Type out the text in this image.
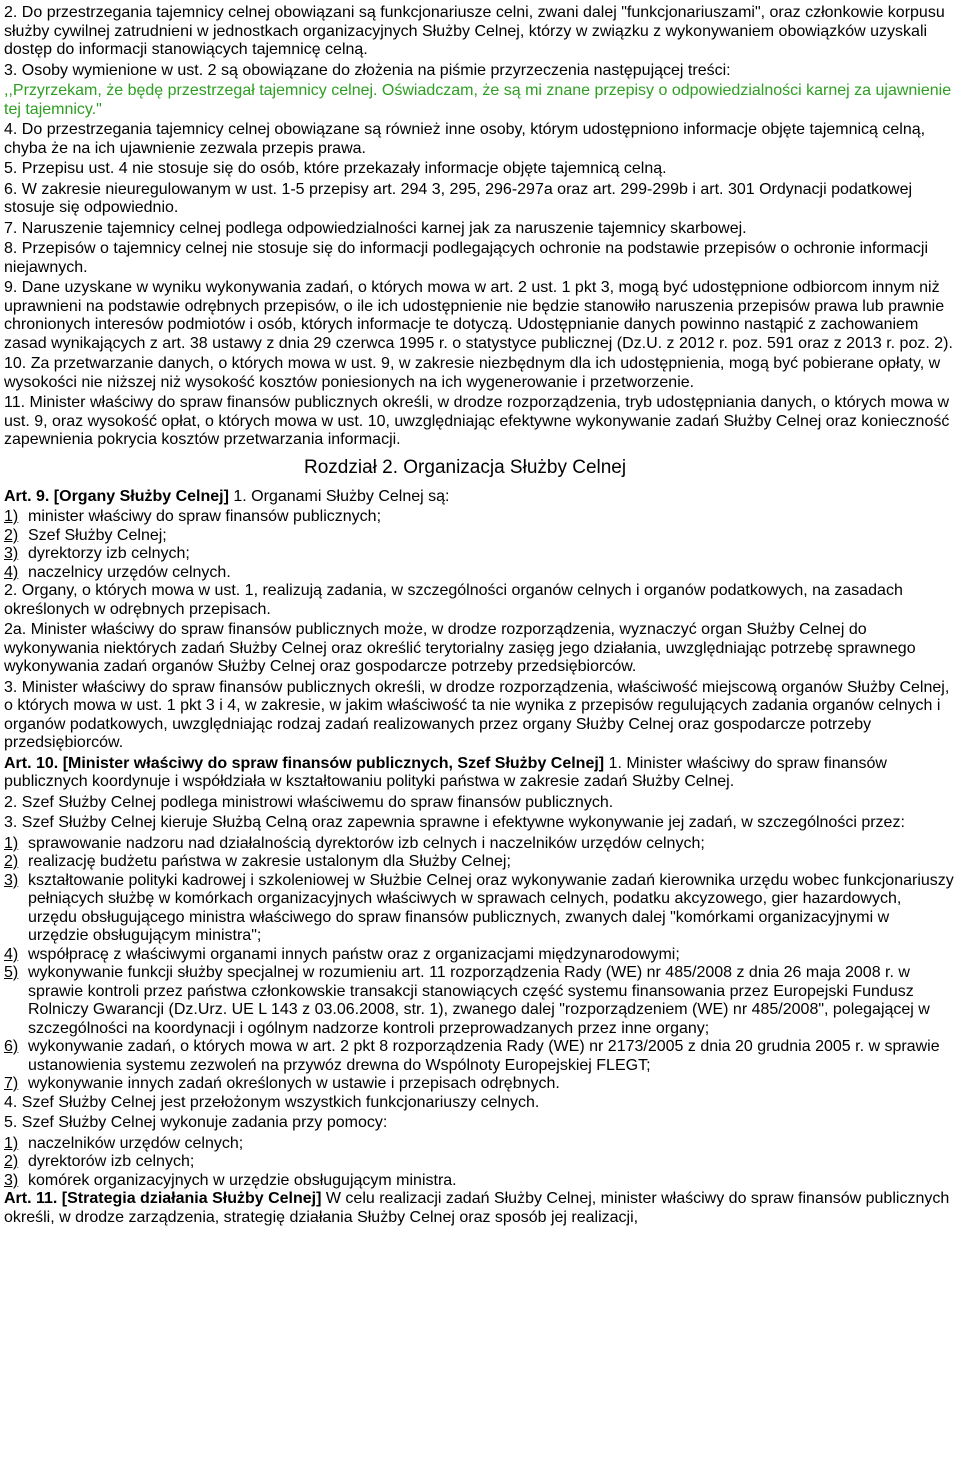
2. Do przestrzegania tajemnicy celnej obowiązani są funkcjonariusze celni, zwani dalej "funkcjonariuszami", oraz członkowie korpusu służby cywilnej zatrudnieni w jednostkach organizacyjnych Służby Celnej, którzy w związku z wykonywaniem obowiązków uzyskali dostęp do informacji stanowiących tajemnicę celną.

3. Osoby wymienione w ust. 2 są obowiązane do złożenia na piśmie przyrzeczenia następującej treści:

,,Przyrzekam, że będę przestrzegał tajemnicy celnej. Oświadczam, że są mi znane przepisy o odpowiedzialności karnej za ujawnienie tej tajemnicy."

4. Do przestrzegania tajemnicy celnej obowiązane są również inne osoby, którym udostępniono informacje objęte tajemnicą celną, chyba że na ich ujawnienie zezwala przepis prawa.

5. Przepisu ust. 4 nie stosuje się do osób, które przekazały informacje objęte tajemnicą celną.

6. W zakresie nieuregulowanym w ust. 1-5 przepisy art. 294 3, 295, 296-297a oraz art. 299-299b i art. 301 Ordynacji podatkowej stosuje się odpowiednio.

7. Naruszenie tajemnicy celnej podlega odpowiedzialności karnej jak za naruszenie tajemnicy skarbowej.

8. Przepisów o tajemnicy celnej nie stosuje się do informacji podlegających ochronie na podstawie przepisów o ochronie informacji niejawnych.

9. Dane uzyskane w wyniku wykonywania zadań, o których mowa w art. 2 ust. 1 pkt 3, mogą być udostępnione odbiorcom innym niż uprawnieni na podstawie odrębnych przepisów, o ile ich udostępnienie nie będzie stanowiło naruszenia przepisów prawa lub prawnie chronionych interesów podmiotów i osób, których informacje te dotyczą. Udostępnianie danych powinno nastąpić z zachowaniem zasad wynikających z art. 38 ustawy z dnia 29 czerwca 1995 r. o statystyce publicznej (Dz.U. z 2012 r. poz. 591 oraz z 2013 r. poz. 2).

10. Za przetwarzanie danych, o których mowa w ust. 9, w zakresie niezbędnym dla ich udostępnienia, mogą być pobierane opłaty, w wysokości nie niższej niż wysokość kosztów poniesionych na ich wygenerowanie i przetworzenie.

11. Minister właściwy do spraw finansów publicznych określi, w drodze rozporządzenia, tryb udostępniania danych, o których mowa w ust. 9, oraz wysokość opłat, o których mowa w ust. 10, uwzględniając efektywne wykonywanie zadań Służby Celnej oraz konieczność zapewnienia pokrycia kosztów przetwarzania informacji.

Rozdział 2. Organizacja Służby Celnej

Art. 9. [Organy Służby Celnej] 1. Organami Służby Celnej są:

1) minister właściwy do spraw finansów publicznych;
2) Szef Służby Celnej;
3) dyrektorzy izb celnych;
4) naczelnicy urzędów celnych.

2. Organy, o których mowa w ust. 1, realizują zadania, w szczególności organów celnych i organów podatkowych, na zasadach określonych w odrębnych przepisach.

2a. Minister właściwy do spraw finansów publicznych może, w drodze rozporządzenia, wyznaczyć organ Służby Celnej do wykonywania niektórych zadań Służby Celnej oraz określić terytorialny zasięg jego działania, uwzględniając potrzebę sprawnego wykonywania zadań organów Służby Celnej oraz gospodarcze potrzeby przedsiębiorców.

3. Minister właściwy do spraw finansów publicznych określi, w drodze rozporządzenia, właściwość miejscową organów Służby Celnej, o których mowa w ust. 1 pkt 3 i 4, w zakresie, w jakim właściwość ta nie wynika z przepisów regulujących zadania organów celnych i organów podatkowych, uwzględniając rodzaj zadań realizowanych przez organy Służby Celnej oraz gospodarcze potrzeby przedsiębiorców.

Art. 10. [Minister właściwy do spraw finansów publicznych, Szef Służby Celnej] 1. Minister właściwy do spraw finansów publicznych koordynuje i współdziała w kształtowaniu polityki państwa w zakresie zadań Służby Celnej.

2. Szef Służby Celnej podlega ministrowi właściwemu do spraw finansów publicznych.

3. Szef Służby Celnej kieruje Służbą Celną oraz zapewnia sprawne i efektywne wykonywanie jej zadań, w szczególności przez:

1) sprawowanie nadzoru nad działalnością dyrektorów izb celnych i naczelników urzędów celnych;
2) realizację budżetu państwa w zakresie ustalonym dla Służby Celnej;
3) kształtowanie polityki kadrowej i szkoleniowej w Służbie Celnej oraz wykonywanie zadań kierownika urzędu wobec funkcjonariuszy pełniących służbę w komórkach organizacyjnych właściwych w sprawach celnych, podatku akcyzowego, gier hazardowych, urzędu obsługującego ministra właściwego do spraw finansów publicznych, zwanych dalej "komórkami organizacyjnymi w urzędzie obsługującym ministra";
4) współpracę z właściwymi organami innych państw oraz z organizacjami międzynarodowymi;
5) wykonywanie funkcji służby specjalnej w rozumieniu art. 11 rozporządzenia Rady (WE) nr 485/2008 z dnia 26 maja 2008 r. w sprawie kontroli przez państwa członkowskie transakcji stanowiących część systemu finansowania przez Europejski Fundusz Rolniczy Gwarancji (Dz.Urz. UE L 143 z 03.06.2008, str. 1), zwanego dalej "rozporządzeniem (WE) nr 485/2008", polegającej w szczególności na koordynacji i ogólnym nadzorze kontroli przeprowadzanych przez inne organy;
6) wykonywanie zadań, o których mowa w art. 2 pkt 8 rozporządzenia Rady (WE) nr 2173/2005 z dnia 20 grudnia 2005 r. w sprawie ustanowienia systemu zezwoleń na przywóz drewna do Wspólnoty Europejskiej FLEGT;
7) wykonywanie innych zadań określonych w ustawie i przepisach odrębnych.

4. Szef Służby Celnej jest przełożonym wszystkich funkcjonariuszy celnych.

5. Szef Służby Celnej wykonuje zadania przy pomocy:

1) naczelników urzędów celnych;
2) dyrektorów izb celnych;
3) komórek organizacyjnych w urzędzie obsługującym ministra.

Art. 11. [Strategia działania Służby Celnej] W celu realizacji zadań Służby Celnej, minister właściwy do spraw finansów publicznych określi, w drodze zarządzenia, strategię działania Służby Celnej oraz sposób jej realizacji,
